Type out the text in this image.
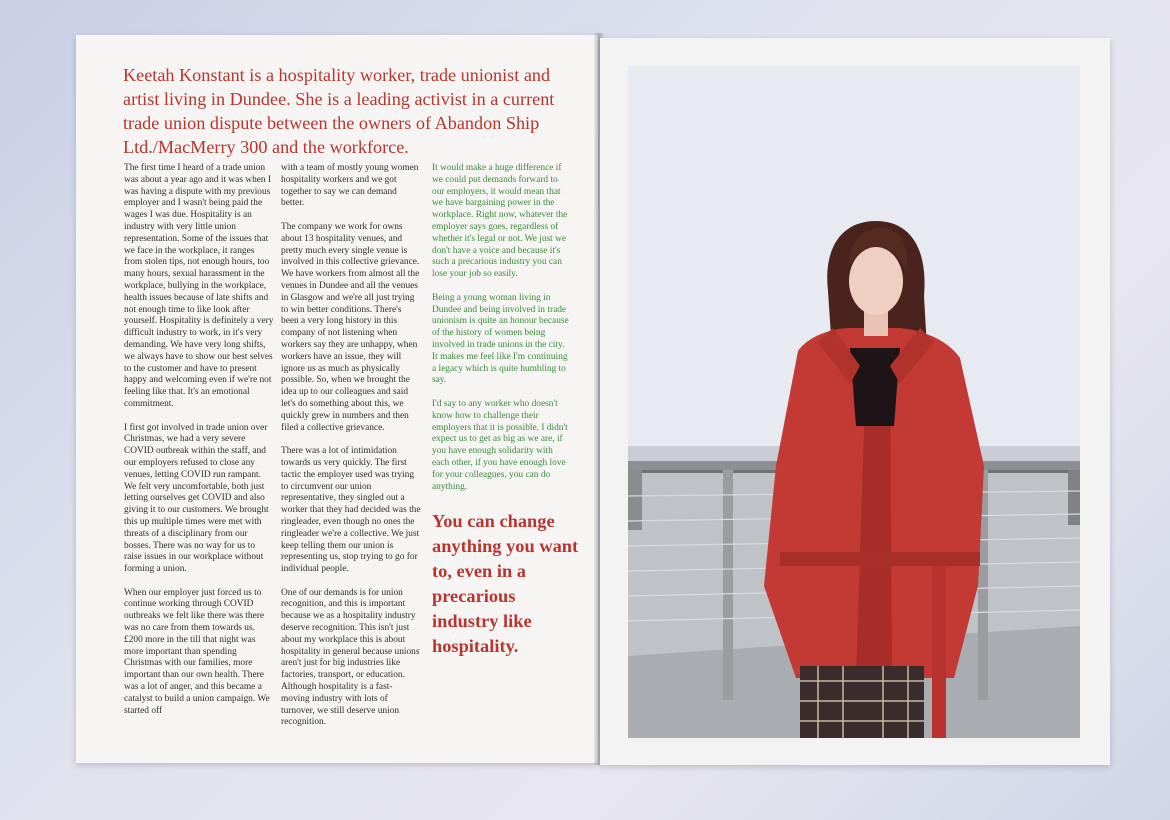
Keetah Konstant is a hospitality worker, trade unionist and artist living in Dundee. She is a leading activist in a current trade union dispute between the owners of Abandon Ship Ltd./MacMerry 300 and the workforce.

The first time I heard of a trade union was about a year ago and it was when I was having a dispute with my previous employer and I wasn't being paid the wages I was due. Hospitality is an industry with very little union representation. Some of the issues that we face in the workplace, it ranges from stolen tips, not enough hours, too many hours, sexual harassment in the workplace, bullying in the workplace, health issues because of late shifts and not enough time to like look after yourself. Hospitality is definitely a very difficult industry to work, in it's very demanding. We have very long shifts, we always have to show our best selves to the customer and have to present happy and welcoming even if we're not feeling like that. It's an emotional commitment.

I first got involved in trade union over Christmas, we had a very severe COVID outbreak within the staff, and our employers refused to close any venues, letting COVID run rampant. We felt very uncomfortable, both just letting ourselves get COVID and also giving it to our customers. We brought this up multiple times were met with threats of a disciplinary from our bosses. There was no way for us to raise issues in our workplace without forming a union.

When our employer just forced us to continue working through COVID outbreaks we felt like there was there was no care from them towards us. £200 more in the till that night was more important than spending Christmas with our families, more important than our own health. There was a lot of anger, and this became a catalyst to build a union campaign. We started off

with a team of mostly young women hospitality workers and we got together to say we can demand better.

The company we work for owns about 13 hospitality venues, and pretty much every single venue is involved in this collective grievance. We have workers from almost all the venues in Dundee and all the venues in Glasgow and we're all just trying to win better conditions. There's been a very long history in this company of not listening when workers say they are unhappy, when workers have an issue, they will ignore us as much as physically possible. So, when we brought the idea up to our colleagues and said let's do something about this, we quickly grew in numbers and then filed a collective grievance.

There was a lot of intimidation towards us very quickly. The first tactic the employer used was trying to circumvent our union representative, they singled out a worker that they had decided was the ringleader, even though no ones the ringleader we're a collective. We just keep telling them our union is representing us, stop trying to go for individual people.

One of our demands is for union recognition, and this is important because we as a hospitality industry deserve recognition. This isn't just about my workplace this is about hospitality in general because unions aren't just for big industries like factories, transport, or education. Although hospitality is a fast-moving industry with lots of turnover, we still deserve union recognition.

It would make a huge difference if we could put demands forward to our employers, it would mean that we have bargaining power in the workplace. Right now, whatever the employer says goes, regardless of whether it's legal or not. We just we don't have a voice and because it's such a precarious industry you can lose your job so easily.

Being a young woman living in Dundee and being involved in trade unionism is quite an honour because of the history of women being involved in trade unions in the city. It makes me feel like I'm continuing a legacy which is quite humbling to say.

I'd say to any worker who doesn't know how to challenge their employers that it is possible. I didn't expect us to get as big as we are, if you have enough solidarity with each other, if you have enough love for your colleagues, you can do anything.

You can change anything you want to, even in a precarious industry like hospitality.
